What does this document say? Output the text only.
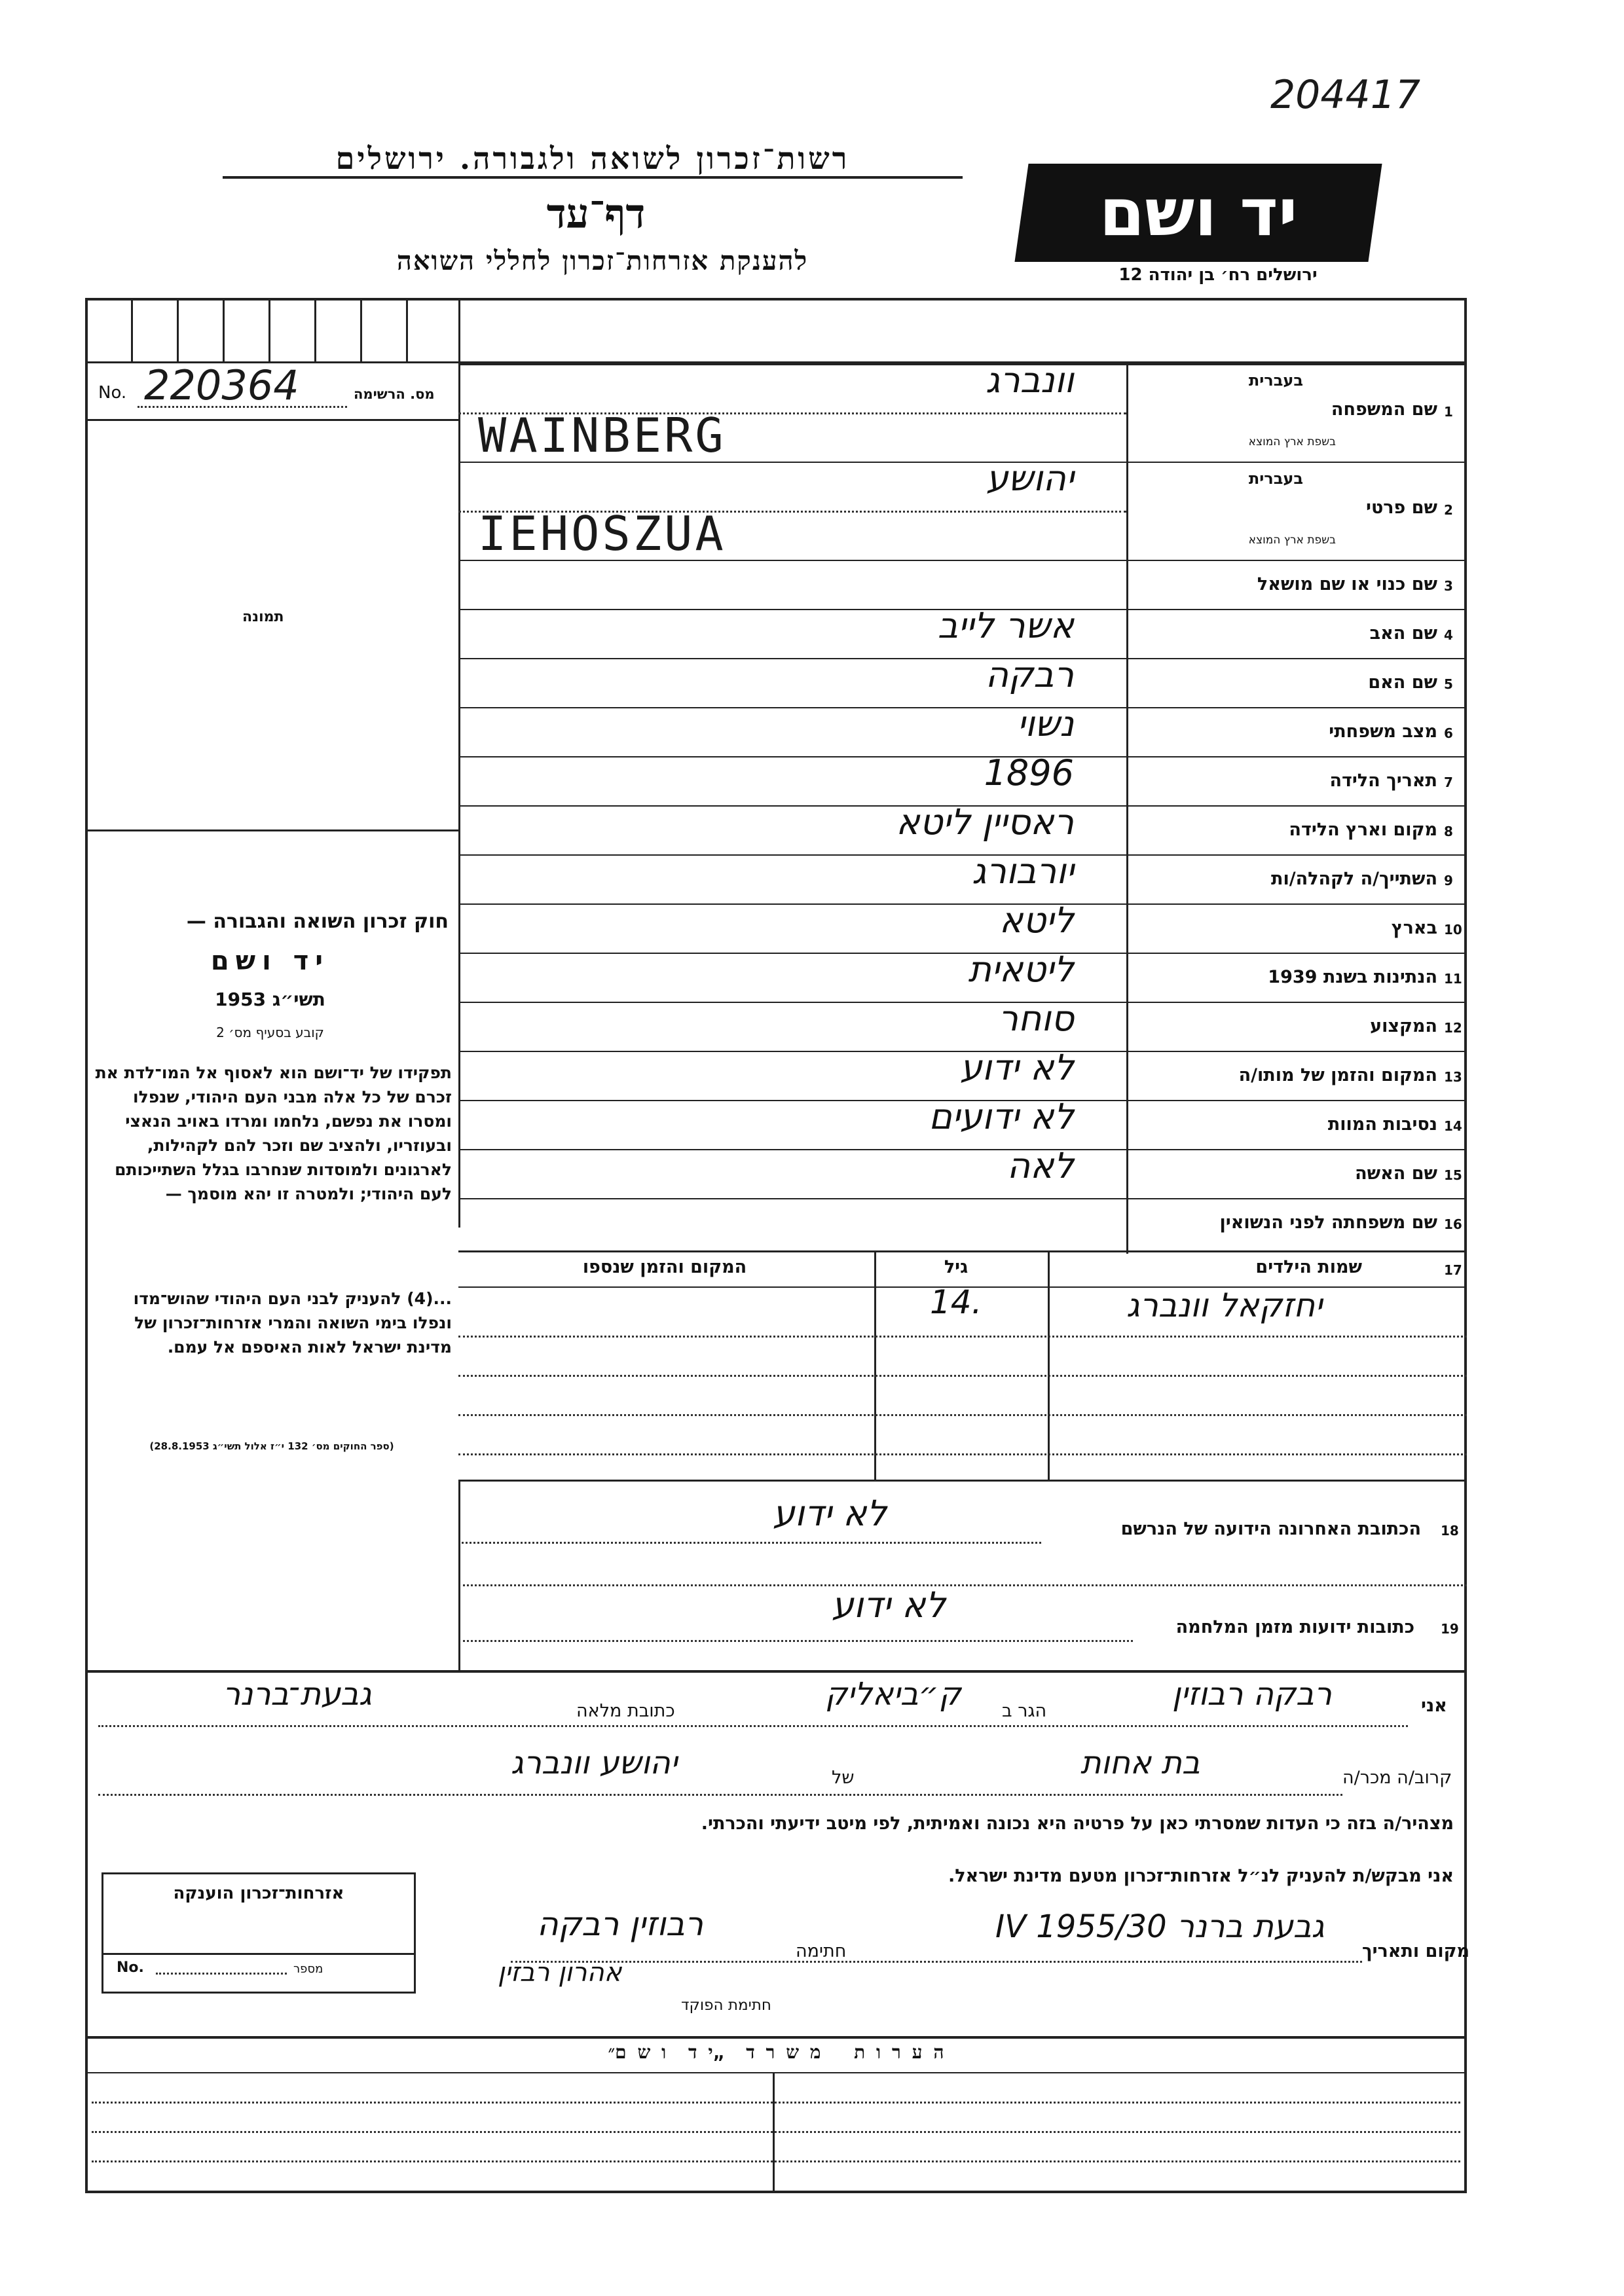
204417
רשות־זכרון לשואה ולגבורה. ירושלים
דף־עד
להענקת אזרחות־זכרון לחללי השואה
יד ושם
ירושלים רח׳ בן יהודה 12
No. 220364	מס. הרשימה
תמונה
חוק זכרון השואה והגבורה —
יד ושם
תשי״ג 1953
קובע בסעיף מס׳ 2
תפקידו של יד־ושם הוא לאסוף אל המו־לדת את זכרם של כל אלה מבני העם היהודי, שנפלו ומסרו את נפשם, נלחמו ומרדו באויב הנאצי ובעוזריו, ולהציב שם וזכר להם לקהילות, לארגונים ולמוסדות שנחרבו בגלל השתייכותם לעם היהודי; ולמטרה זו יהא מוסמך —
...(4) להעניק לבני העם היהודי שהוש־מדו ונפלו בימי השואה והמרי אזרחות־זכרון של מדינת ישראל לאות האיספם אל עמם.
(ספר החוקים מס׳ 132 י״ז אלול תשי״ג 28.8.1953)
1
שם המשפחה
בעברית
בשפת ארץ המוצא
WAINBERG
וונברג
2
שם פרטי
בעברית
בשפת ארץ המוצא
IEHOSZUA
יהושע
3
שם כנוי או שם מושאל
4
שם האב
אשר לייב
5
שם האם
רבקה
6
מצב משפחתי
נשוי
7
תאריך הלידה
1896
8
מקום וארץ הלידה
ראסיין ליטא
9
השתייך/ה לקהלה/ות
יורבורג
10
בארץ
ליטא
11
הנתינות בשנת 1939
ליטאית
12
המקצוע
סוחר
13
המקום והזמן של מותו/ה
לא ידוע
14
נסיבות המוות
לא ידועים
15
שם האשה
לאה
16
שם משפחתה לפני הנשואין
שמות הילדים	17
גיל
המקום והזמן שנספו
יחזקאל וונברג
14.
הכתובת האחרונה הידועה של הנרשם 18
לא ידוע
כתובות ידועות מזמן המלחמה 19
לא ידוע
אני
רבקה רבוזין
הגר ב
ק״ביאליק
כתובת מלאה
גבעת־ברנר
קרוב/ה מכר/ה
בת אחות
של
יהושע וונברג
מצהיר/ה בזה כי העדות שמסרתי כאן על פרטיה היא נכונה ואמיתית, לפי מיטב ידיעתי והכרתי.
אני מבקש/ת להעניק לנ״ל אזרחות־זכרון מטעם מדינת ישראל.
מקום ותאריך
גבעת ברנר 30/IV 1955
חתימה
רבוזין רבקה
אהרון רבזין
חתימת הפוקד
אזרחות־זכרון הוענקה
No.	מספר
ה ע ר ו ת   מ ש ר ד  „י ד  ו ש ם״
